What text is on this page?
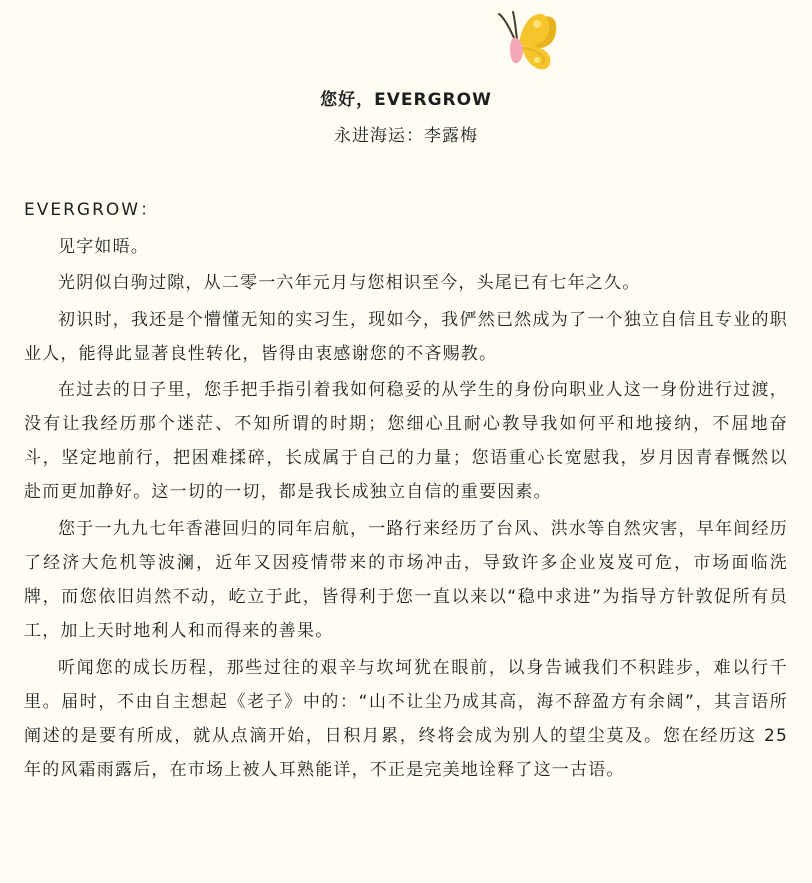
您好，EVERGROW
永进海运：李露梅

EVERGROW：

见字如晤。

光阴似白驹过隙，从二零一六年元月与您相识至今，头尾已有七年之久。

初识时，我还是个懵懂无知的实习生，现如今，我俨然已然成为了一个独立自信且专业的职业人，能得此显著良性转化，皆得由衷感谢您的不吝赐教。

在过去的日子里，您手把手指引着我如何稳妥的从学生的身份向职业人这一身份进行过渡，没有让我经历那个迷茫、不知所谓的时期；您细心且耐心教导我如何平和地接纳，不屈地奋斗，坚定地前行，把困难揉碎，长成属于自己的力量；您语重心长宽慰我，岁月因青春慨然以赴而更加静好。这一切的一切，都是我长成独立自信的重要因素。

您于一九九七年香港回归的同年启航，一路行来经历了台风、洪水等自然灾害，早年间经历了经济大危机等波澜，近年又因疫情带来的市场冲击，导致许多企业岌岌可危，市场面临洗牌，而您依旧岿然不动，屹立于此，皆得利于您一直以来以“稳中求进”为指导方针敦促所有员工，加上天时地利人和而得来的善果。

听闻您的成长历程，那些过往的艰辛与坎坷犹在眼前，以身告诫我们不积跬步，难以行千里。届时，不由自主想起《老子》中的：“山不让尘乃成其高，海不辞盈方有余阔”，其言语所阐述的是要有所成，就从点滴开始，日积月累，终将会成为别人的望尘莫及。您在经历这 25 年的风霜雨露后，在市场上被人耳熟能详，不正是完美地诠释了这一古语。
